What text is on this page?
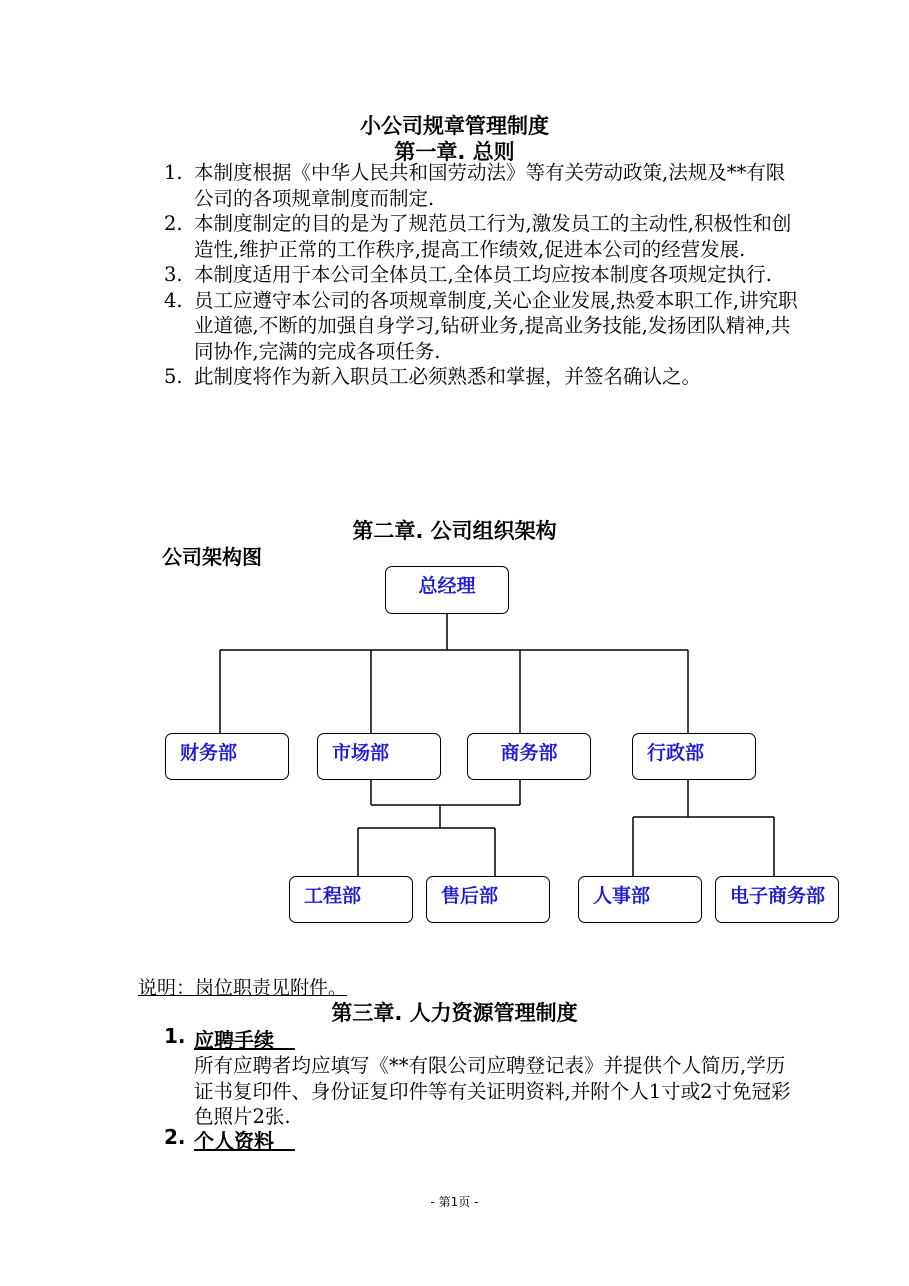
小公司规章管理制度
第一章. 总则
1. 本制度根据《中华人民共和国劳动法》等有关劳动政策,法规及**有限公司的各项规章制度而制定.
2. 本制度制定的目的是为了规范员工行为,激发员工的主动性,积极性和创造性,维护正常的工作秩序,提高工作绩效,促进本公司的经营发展.
3. 本制度适用于本公司全体员工,全体员工均应按本制度各项规定执行.
4. 员工应遵守本公司的各项规章制度,关心企业发展,热爱本职工作,讲究职业道德,不断的加强自身学习,钻研业务,提高业务技能,发扬团队精神,共同协作,完满的完成各项任务.
5. 此制度将作为新入职员工必须熟悉和掌握，并签名确认之。
第二章. 公司组织架构
公司架构图
总经理
财务部	市场部	商务部	行政部
工程部	售后部	人事部	电子商务部
说明：岗位职责见附件。
第三章. 人力资源管理制度
1. 应聘手续
所有应聘者均应填写《**有限公司应聘登记表》并提供个人简历,学历证书复印件、身份证复印件等有关证明资料,并附个人1寸或2寸免冠彩色照片2张.
2. 个人资料
- 第1页 -
